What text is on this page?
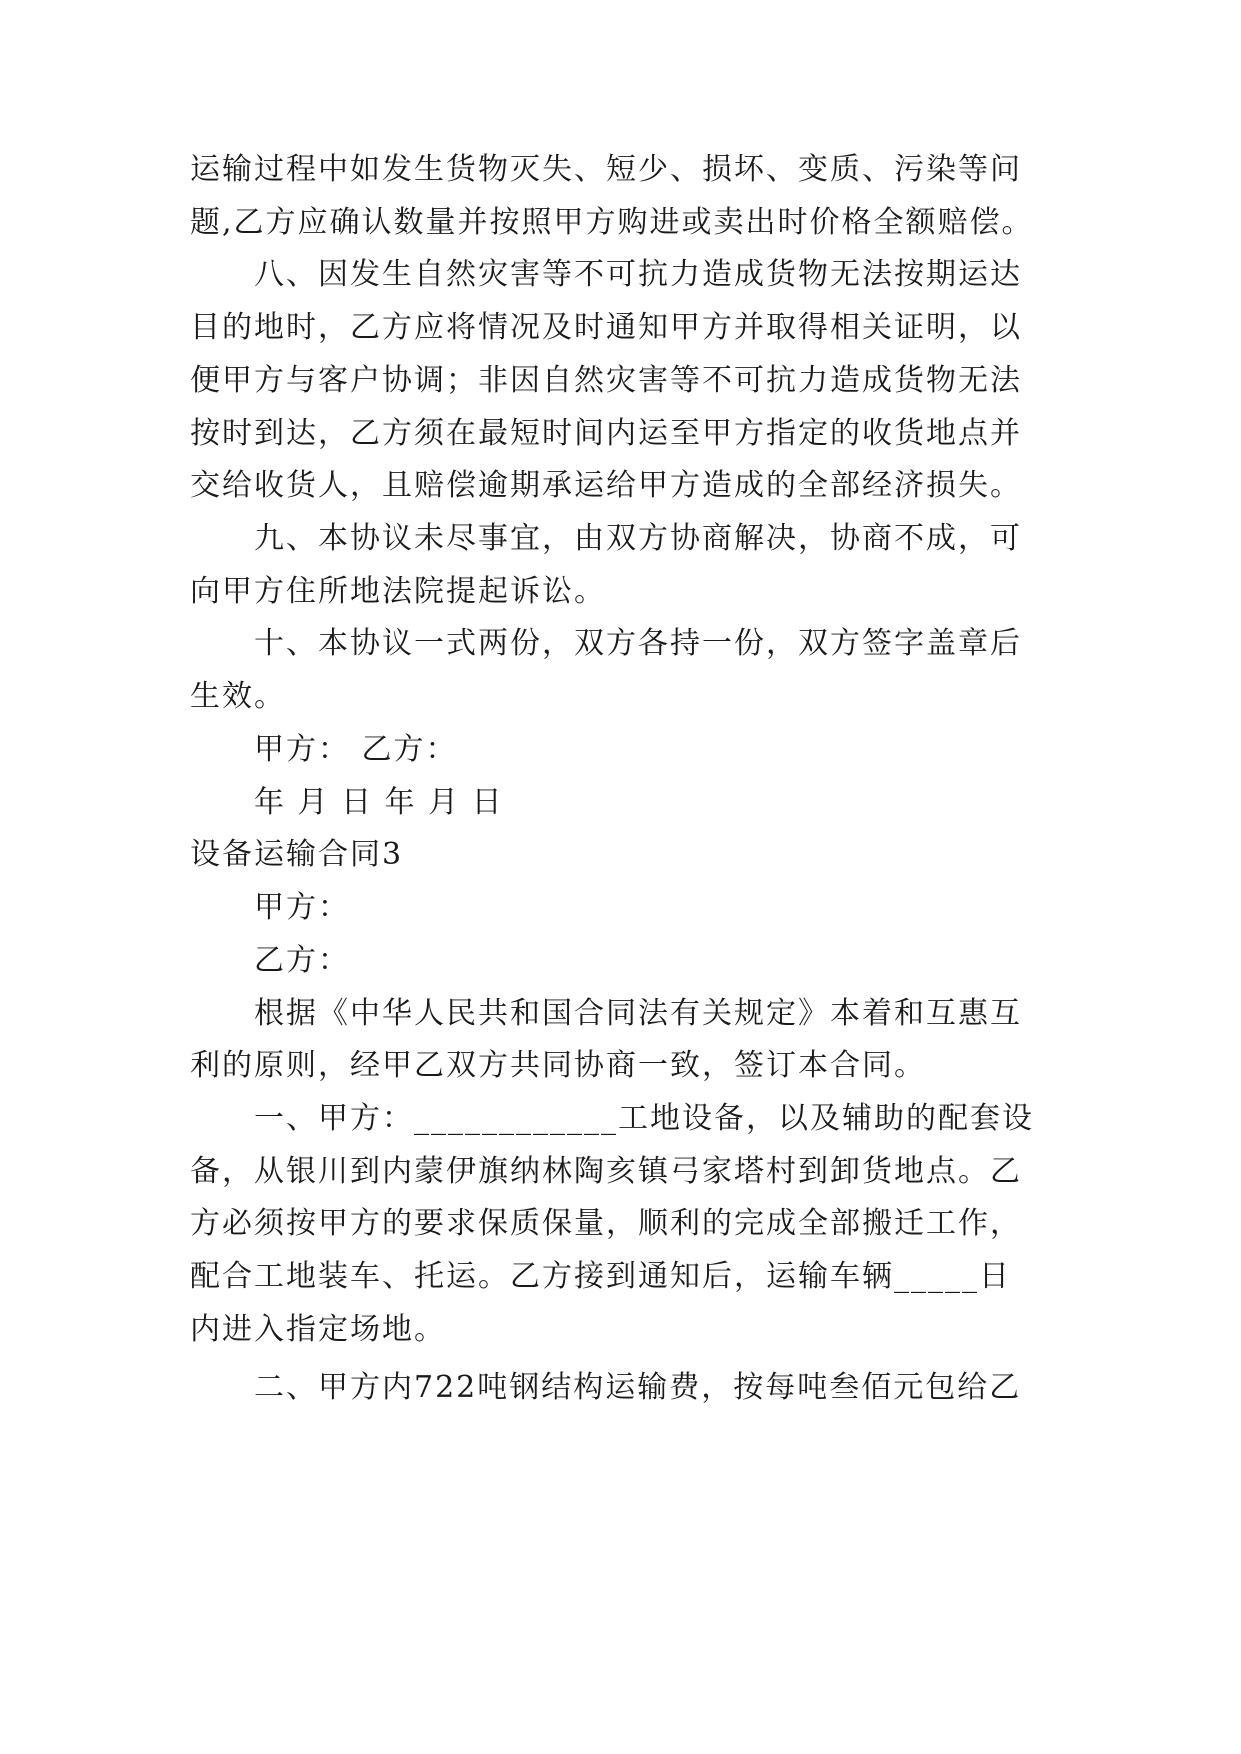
运输过程中如发生货物灭失、短少、损坏、变质、污染等问
题,乙方应确认数量并按照甲方购进或卖出时价格全额赔偿。
八、因发生自然灾害等不可抗力造成货物无法按期运达
目的地时，乙方应将情况及时通知甲方并取得相关证明，以
便甲方与客户协调；非因自然灾害等不可抗力造成货物无法
按时到达，乙方须在最短时间内运至甲方指定的收货地点并
交给收货人，且赔偿逾期承运给甲方造成的全部经济损失。
九、本协议未尽事宜，由双方协商解决，协商不成，可
向甲方住所地法院提起诉讼。
十、本协议一式两份，双方各持一份，双方签字盖章后
生效。
甲方： 乙方：
年 月 日 年 月 日
设备运输合同3
甲方：
乙方：
根据《中华人民共和国合同法有关规定》本着和互惠互
利的原则，经甲乙双方共同协商一致，签订本合同。
一、甲方：____________工地设备，以及辅助的配套设
备，从银川到内蒙伊旗纳林陶亥镇弓家塔村到卸货地点。乙
方必须按甲方的要求保质保量，顺利的完成全部搬迁工作，
配合工地装车、托运。乙方接到通知后，运输车辆_____日
内进入指定场地。
二、甲方内722吨钢结构运输费，按每吨叁佰元包给乙
